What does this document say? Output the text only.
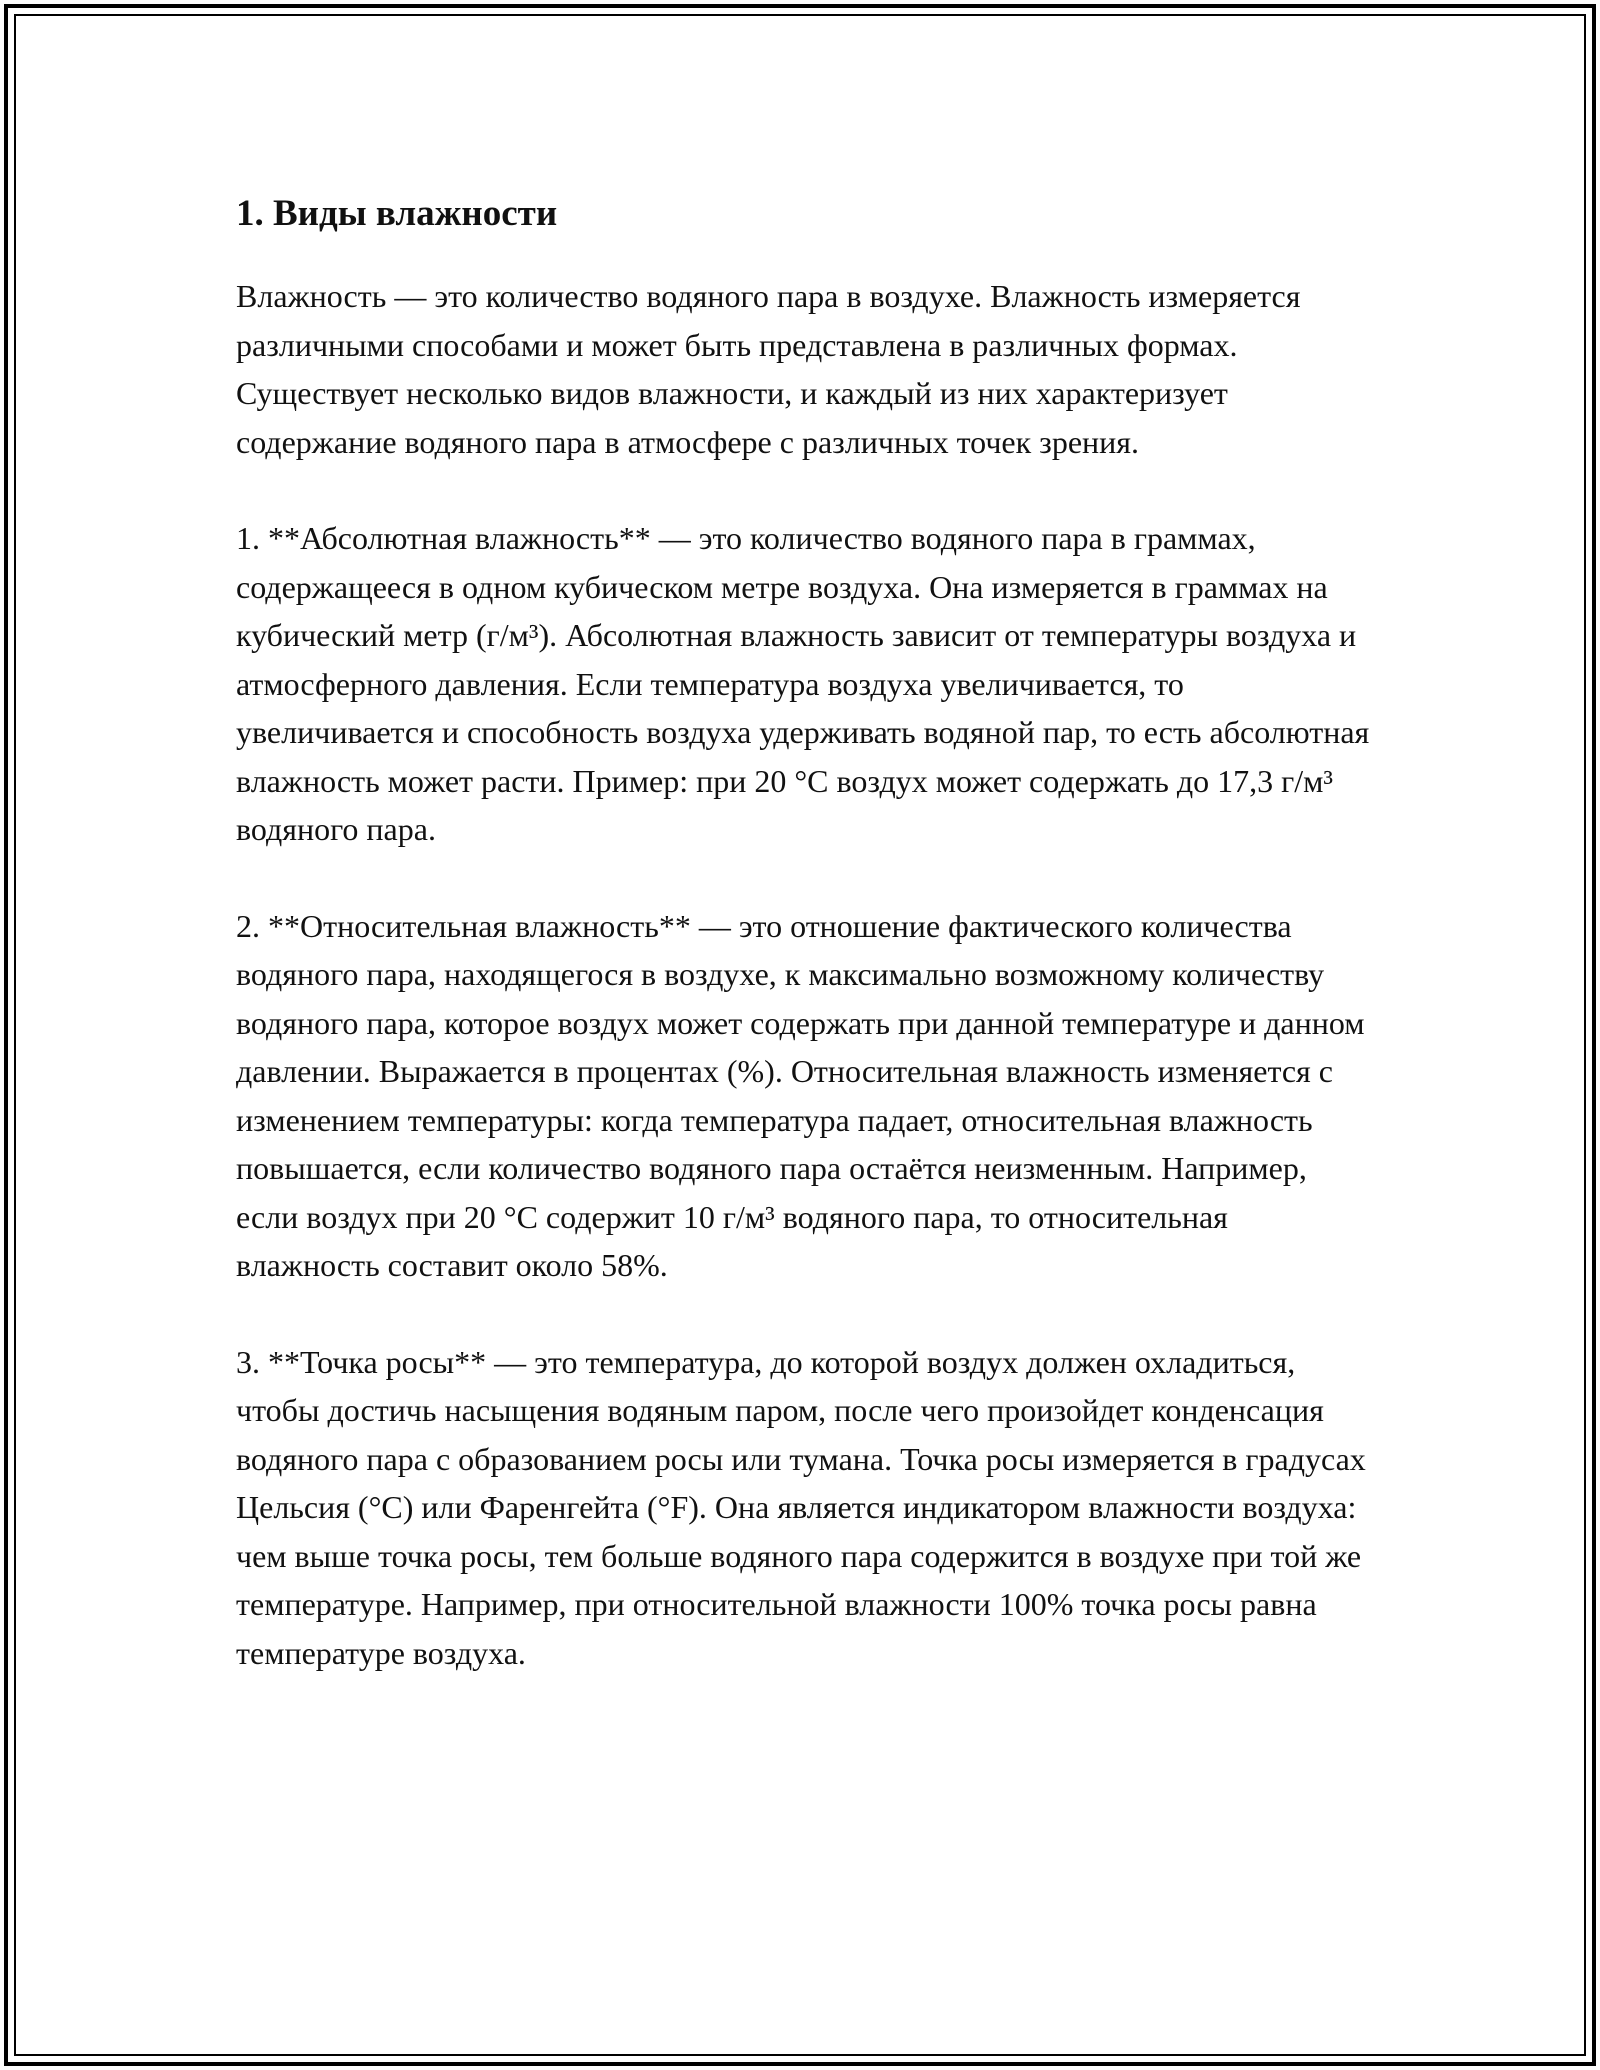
1. Виды влажности

Влажность — это количество водяного пара в воздухе. Влажность измеряется различными способами и может быть представлена в различных формах. Существует несколько видов влажности, и каждый из них характеризует содержание водяного пара в атмосфере с различных точек зрения.

1. **Абсолютная влажность** — это количество водяного пара в граммах, содержащееся в одном кубическом метре воздуха. Она измеряется в граммах на кубический метр (г/м³). Абсолютная влажность зависит от температуры воздуха и атмосферного давления. Если температура воздуха увеличивается, то увеличивается и способность воздуха удерживать водяной пар, то есть абсолютная влажность может расти. Пример: при 20 °C воздух может содержать до 17,3 г/м³ водяного пара.

2. **Относительная влажность** — это отношение фактического количества водяного пара, находящегося в воздухе, к максимально возможному количеству водяного пара, которое воздух может содержать при данной температуре и данном давлении. Выражается в процентах (%). Относительная влажность изменяется с изменением температуры: когда температура падает, относительная влажность повышается, если количество водяного пара остаётся неизменным. Например, если воздух при 20 °C содержит 10 г/м³ водяного пара, то относительная влажность составит около 58%.

3. **Точка росы** — это температура, до которой воздух должен охладиться, чтобы достичь насыщения водяным паром, после чего произойдет конденсация водяного пара с образованием росы или тумана. Точка росы измеряется в градусах Цельсия (°C) или Фаренгейта (°F). Она является индикатором влажности воздуха: чем выше точка росы, тем больше водяного пара содержится в воздухе при той же температуре. Например, при относительной влажности 100% точка росы равна температуре воздуха.
